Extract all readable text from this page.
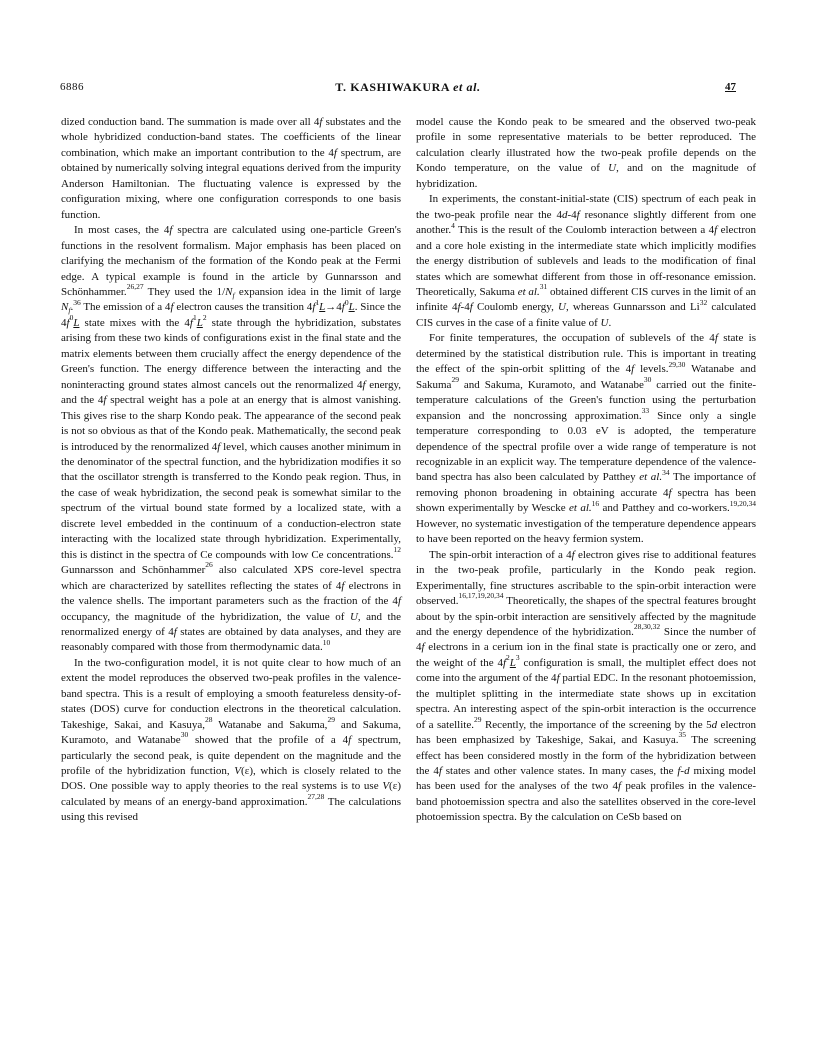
6886	T. KASHIWAKURA et al.	47

dized conduction band. The summation is made over all 4f substates and the whole hybridized conduction-band states. The coefficients of the linear combination, which make an important contribution to the 4f spectrum, are obtained by numerically solving integral equations derived from the impurity Anderson Hamiltonian. The fluctuating valence is expressed by the configuration mixing, where one configuration corresponds to one basis function.

In most cases, the 4f spectra are calculated using one-particle Green's functions in the resolvent formalism. Major emphasis has been placed on clarifying the mechanism of the formation of the Kondo peak at the Fermi edge. A typical example is found in the article by Gunnarsson and Schönhammer.$^{26,27}$ They used the $1/N_f$ expansion idea in the limit of large $N_f.^{36}$ The emission of a 4f electron causes the transition $4f^1L\to 4f^0L$. Since the $4f^0L$ state mixes with the $4f^1L^2$ state through the hybridization, substates arising from these two kinds of configurations exist in the final state and the matrix elements between them crucially affect the energy dependence of the Green's function. The energy difference between the interacting and the noninteracting ground states almost cancels out the renormalized 4f energy, and the 4f spectral weight has a pole at an energy that is almost vanishing. This gives rise to the sharp Kondo peak. The appearance of the second peak is not so obvious as that of the Kondo peak. Mathematically, the second peak is introduced by the renormalized 4f level, which causes another minimum in the denominator of the spectral function, and the hybridization modifies it so that the oscillator strength is transferred to the Kondo peak region. Thus, in the case of weak hybridization, the second peak is somewhat similar to the spectrum of the virtual bound state formed by a localized state, with a discrete level embedded in the continuum of a conduction-electron state interacting with the localized state through hybridization. Experimentally, this is distinct in the spectra of Ce compounds with low Ce concentrations.$^{12}$ Gunnarsson and Schönhammer$^{26}$ also calculated XPS core-level spectra which are characterized by satellites reflecting the states of 4f electrons in the valence shells. The important parameters such as the fraction of the 4f occupancy, the magnitude of the hybridization, the value of U, and the renormalized energy of 4f states are obtained by data analyses, and they are reasonably compared with those from thermodynamic data.$^{10}$

In the two-configuration model, it is not quite clear to how much of an extent the model reproduces the observed two-peak profiles in the valence-band spectra. This is a result of employing a smooth featureless density-of-states (DOS) curve for conduction electrons in the theoretical calculation. Takeshige, Sakai, and Kasuya,$^{28}$ Watanabe and Sakuma,$^{29}$ and Sakuma, Kuramoto, and Watanabe$^{30}$ showed that the profile of a 4f spectrum, particularly the second peak, is quite dependent on the magnitude and the profile of the hybridization function, V(ε), which is closely related to the DOS. One possible way to apply theories to the real systems is to use V(ε) calculated by means of an energy-band approximation.$^{27,28}$ The calculations using this revised

model cause the Kondo peak to be smeared and the observed two-peak profile in some representative materials to be better reproduced. The calculation clearly illustrated how the two-peak profile depends on the Kondo temperature, on the value of U, and on the magnitude of hybridization.

In experiments, the constant-initial-state (CIS) spectrum of each peak in the two-peak profile near the 4d-4f resonance slightly different from one another.$^4$ This is the result of the Coulomb interaction between a 4f electron and a core hole existing in the intermediate state which implicitly modifies the energy distribution of sublevels and leads to the modification of final states which are somewhat different from those in off-resonance emission. Theoretically, Sakuma et al.$^{31}$ obtained different CIS curves in the limit of an infinite 4f-4f Coulomb energy, U, whereas Gunnarsson and Li$^{32}$ calculated CIS curves in the case of a finite value of U.

For finite temperatures, the occupation of sublevels of the 4f state is determined by the statistical distribution rule. This is important in treating the effect of the spin-orbit splitting of the 4f levels.$^{29,30}$ Watanabe and Sakuma$^{29}$ and Sakuma, Kuramoto, and Watanabe$^{30}$ carried out the finite-temperature calculations of the Green's function using the perturbation expansion and the noncrossing approximation.$^{33}$ Since only a single temperature corresponding to 0.03 eV is adopted, the temperature dependence of the spectral profile over a wide range of temperature is not recognizable in an explicit way. The temperature dependence of the valence-band spectra has also been calculated by Patthey et al.$^{34}$ The importance of removing phonon broadening in obtaining accurate 4f spectra has been shown experimentally by Wescke et al.$^{16}$ and Patthey and co-workers.$^{19,20,34}$ However, no systematic investigation of the temperature dependence appears to have been reported on the heavy fermion system.

The spin-orbit interaction of a 4f electron gives rise to additional features in the two-peak profile, particularly in the Kondo peak region. Experimentally, fine structures ascribable to the spin-orbit interaction were observed.$^{16,17,19,20,34}$ Theoretically, the shapes of the spectral features brought about by the spin-orbit interaction are sensitively affected by the magnitude and the energy dependence of the hybridization.$^{28,30,32}$ Since the number of 4f electrons in a cerium ion in the final state is practically one or zero, and the weight of the $4f^2L^3$ configuration is small, the multiplet effect does not come into the argument of the 4f partial EDC. In the resonant photoemission, the multiplet splitting in the intermediate state shows up in excitation spectra. An interesting aspect of the spin-orbit interaction is the occurrence of a satellite.$^{29}$ Recently, the importance of the screening by the 5d electron has been emphasized by Takeshige, Sakai, and Kasuya.$^{35}$ The screening effect has been considered mostly in the form of the hybridization between the 4f states and other valence states. In many cases, the f-d mixing model has been used for the analyses of the two 4f peak profiles in the valence-band photoemission spectra and also the satellites observed in the core-level photoemission spectra. By the calculation on CeSb based on
